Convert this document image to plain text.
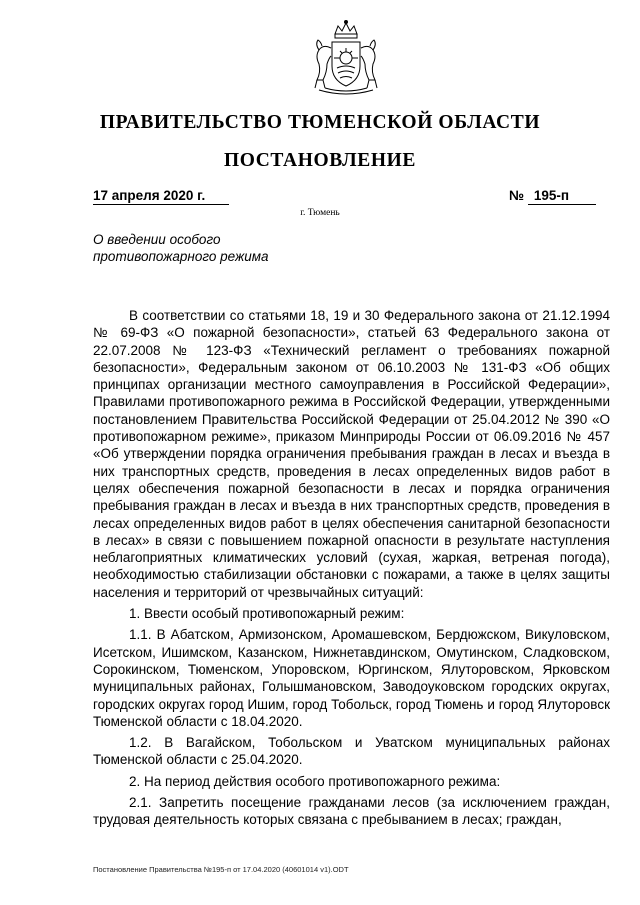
ПРАВИТЕЛЬСТВО ТЮМЕНСКОЙ ОБЛАСТИ
ПОСТАНОВЛЕНИЕ
17 апреля 2020 г.	№ 195-п
г. Тюмень
О введении особого
противопожарного режима

В соответствии со статьями 18, 19 и 30 Федерального закона от 21.12.1994 № 69-ФЗ «О пожарной безопасности», статьей 63 Федерального закона от 22.07.2008 № 123-ФЗ «Технический регламент о требованиях пожарной безопасности», Федеральным законом от 06.10.2003 № 131-ФЗ «Об общих принципах организации местного самоуправления в Российской Федерации», Правилами противопожарного режима в Российской Федерации, утвержденными постановлением Правительства Российской Федерации от 25.04.2012 № 390 «О противопожарном режиме», приказом Минприроды России от 06.09.2016 № 457 «Об утверждении порядка ограничения пребывания граждан в лесах и въезда в них транспортных средств, проведения в лесах определенных видов работ в целях обеспечения пожарной безопасности в лесах и порядка ограничения пребывания граждан в лесах и въезда в них транспортных средств, проведения в лесах определенных видов работ в целях обеспечения санитарной безопасности в лесах» в связи с повышением пожарной опасности в результате наступления неблагоприятных климатических условий (сухая, жаркая, ветреная погода), необходимостью стабилизации обстановки с пожарами, а также в целях защиты населения и территорий от чрезвычайных ситуаций:

1. Ввести особый противопожарный режим:

1.1. В Абатском, Армизонском, Аромашевском, Бердюжском, Викуловском, Исетском, Ишимском, Казанском, Нижнетавдинском, Омутинском, Сладковском, Сорокинском, Тюменском, Упоровском, Юргинском, Ялуторовском, Ярковском муниципальных районах, Голышмановском, Заводоуковском городских округах, городских округах город Ишим, город Тобольск, город Тюмень и город Ялуторовск Тюменской области с 18.04.2020.

1.2. В Вагайском, Тобольском и Уватском муниципальных районах Тюменской области с 25.04.2020.

2. На период действия особого противопожарного режима:

2.1. Запретить посещение гражданами лесов (за исключением граждан, трудовая деятельность которых связана с пребыванием в лесах; граждан,

Постановление Правительства №195-п от 17.04.2020 (40601014 v1).ODT
